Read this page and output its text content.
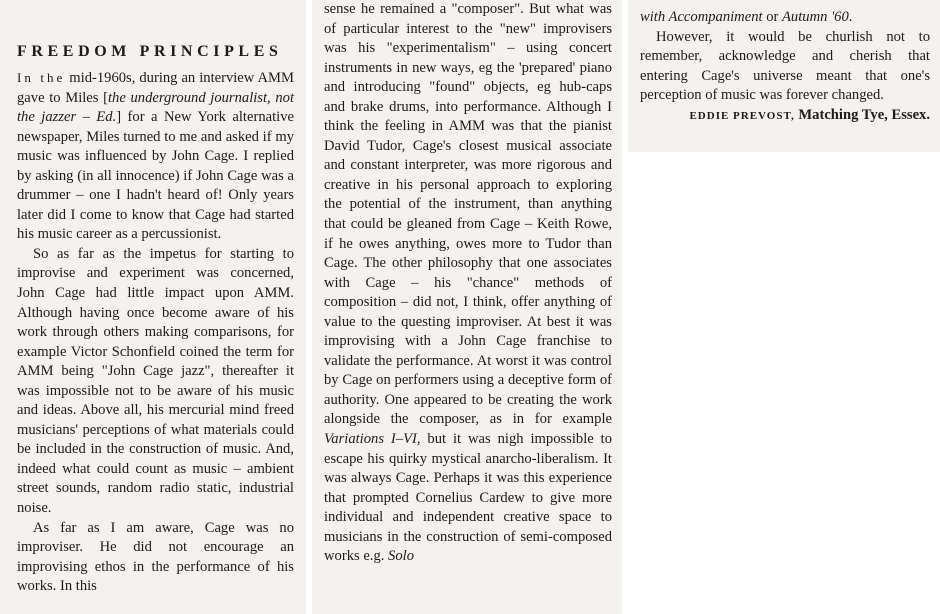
FREEDOM PRINCIPLES

In the mid-1960s, during an interview AMM gave to Miles [the underground journalist, not the jazzer – Ed.] for a New York alternative newspaper, Miles turned to me and asked if my music was influenced by John Cage. I replied by asking (in all innocence) if John Cage was a drummer – one I hadn't heard of! Only years later did I come to know that Cage had started his music career as a percussionist.

So as far as the impetus for starting to improvise and experiment was concerned, John Cage had little impact upon AMM. Although having once become aware of his work through others making comparisons, for example Victor Schonfield coined the term for AMM being "John Cage jazz", thereafter it was impossible not to be aware of his music and ideas. Above all, his mercurial mind freed musicians' perceptions of what materials could be included in the construction of music. And, indeed what could count as music – ambient street sounds, random radio static, industrial noise.

As far as I am aware, Cage was no improviser. He did not encourage an improvising ethos in the performance of his works. In this

sense he remained a "composer". But what was of particular interest to the "new" improvisers was his "experimentalism" – using concert instruments in new ways, eg the 'prepared' piano and introducing "found" objects, eg hub-caps and brake drums, into performance. Although I think the feeling in AMM was that the pianist David Tudor, Cage's closest musical associate and constant interpreter, was more rigorous and creative in his personal approach to exploring the potential of the instrument, than anything that could be gleaned from Cage – Keith Rowe, if he owes anything, owes more to Tudor than Cage. The other philosophy that one associates with Cage – his "chance" methods of composition – did not, I think, offer anything of value to the questing improviser. At best it was improvising with a John Cage franchise to validate the performance. At worst it was control by Cage on performers using a deceptive form of authority. One appeared to be creating the work alongside the composer, as in for example Variations I–VI, but it was nigh impossible to escape his quirky mystical anarcho-liberalism. It was always Cage. Perhaps it was this experience that prompted Cornelius Cardew to give more individual and independent creative space to musicians in the construction of semi-composed works e.g. Solo

with Accompaniment or Autumn '60.

However, it would be churlish not to remember, acknowledge and cherish that entering Cage's universe meant that one's perception of music was forever changed.

EDDIE PREVOST, Matching Tye, Essex.
